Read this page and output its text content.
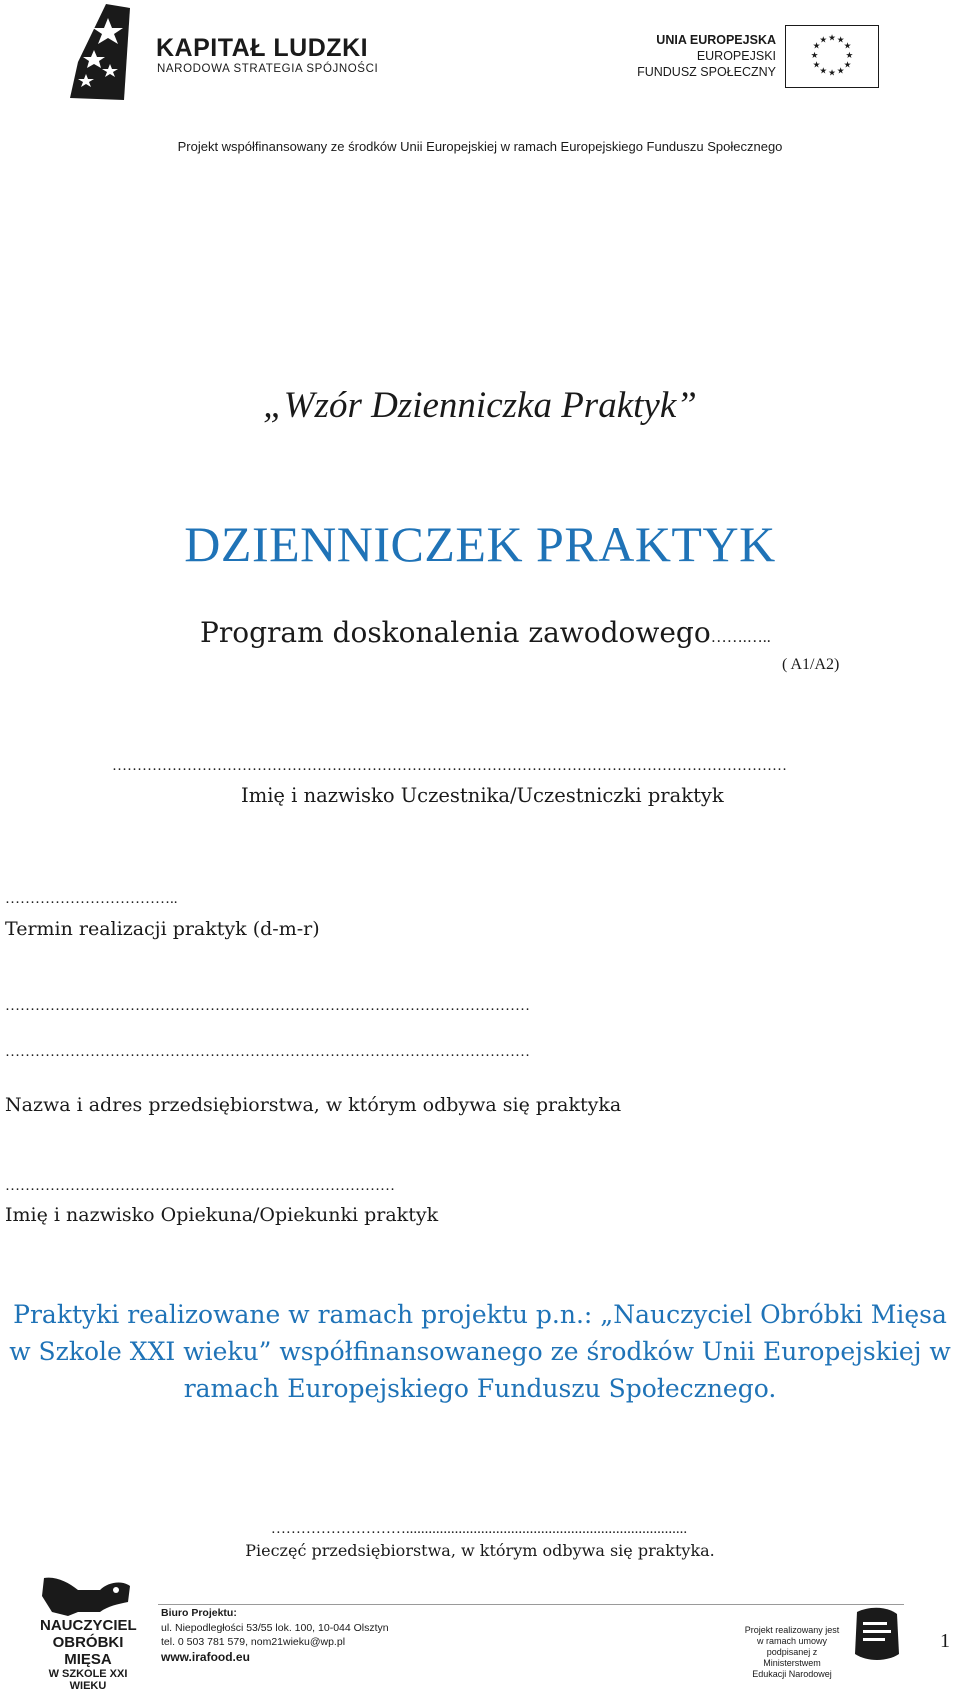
KAPITAŁ LUDZKI
NARODOWA STRATEGIA SPÓJNOŚCI
UNIA EUROPEJSKA
EUROPEJSKI
FUNDUSZ SPOŁECZNY
★ ★
★
★
★
★
★
★
★
★
★
★
Projekt współfinansowany ze środków Unii Europejskiej w ramach Europejskiego Funduszu Społecznego
„Wzór Dzienniczka Praktyk”
DZIENNICZEK PRAKTYK
Program doskonalenia zawodowego…….…..
( A1/A2)
………………………………………………………………………………………………………………………
Imię i nazwisko Uczestnika/Uczestniczki praktyk
……………………………..
Termin realizacji praktyk (d-m-r)
……………………………………………………………………………………………
……………………………………………………………………………………………
Nazwa i adres przedsiębiorstwa, w którym odbywa się praktyka
……………………………………………………………………
Imię i nazwisko Opiekuna/Opiekunki praktyk
Praktyki realizowane w ramach projektu p.n.: „Nauczyciel Obróbki Mięsa
w Szkole XXI wieku” współfinansowanego ze środków Unii Europejskiej w
ramach Europejskiego Funduszu Społecznego.
………………………...........................................................................
Pieczęć przedsiębiorstwa, w którym odbywa się praktyka.
NAUCZYCIEL
OBRÓBKI MIĘSA
W SZKOLE XXI WIEKU
Biuro Projektu:
ul. Niepodległości 53/55 lok. 100, 10-044 Olsztyn
tel. 0 503 781 579, nom21wieku@wp.pl
www.irafood.eu
Projekt realizowany jest
w ramach umowy
podpisanej z Ministerstwem
Edukacji Narodowej
1
